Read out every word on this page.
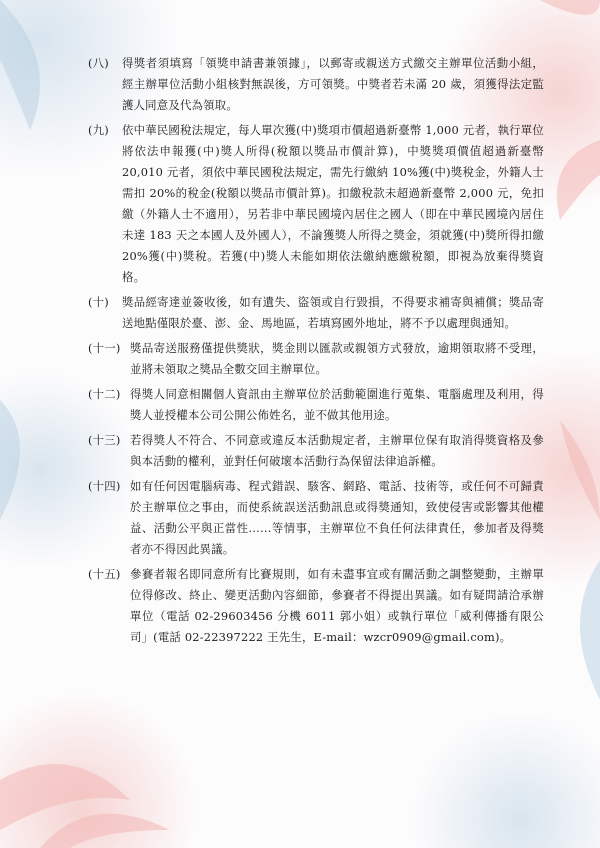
(八) 得獎者須填寫「領獎申請書兼領據」，以郵寄或親送方式繳交主辦單位活動小組，經主辦單位活動小組核對無誤後，方可領獎。中獎者若未滿 20 歲，須獲得法定監護人同意及代為領取。

(九) 依中華民國稅法規定，每人單次獲(中)獎項市價超過新臺幣 1,000 元者，執行單位將依法申報獲(中)獎人所得(稅額以獎品市價計算)，中獎獎項價值超過新臺幣 20,010 元者，須依中華民國稅法規定，需先行繳納 10%獲(中)獎稅金，外籍人士需扣 20%的稅金(稅額以獎品市價計算)。扣繳稅款未超過新臺幣 2,000 元，免扣繳（外籍人士不適用），另若非中華民國境內居住之國人（即在中華民國境內居住未達 183 天之本國人及外國人），不論獲獎人所得之獎金，須就獲(中)獎所得扣繳 20%獲(中)獎稅。若獲(中)獎人未能如期依法繳納應繳稅額，即視為放棄得獎資格。

(十) 獎品經寄達並簽收後，如有遺失、盜領或自行毀損，不得要求補寄與補償；獎品寄送地點僅限於臺、澎、金、馬地區，若填寫國外地址，將不予以處理與通知。

(十一) 獎品寄送服務僅提供獎狀，獎金則以匯款或親領方式發放，逾期領取將不受理，並將未領取之獎品全數交回主辦單位。

(十二) 得獎人同意相關個人資訊由主辦單位於活動範圍進行蒐集、電腦處理及利用，得獎人並授權本公司公開公佈姓名，並不做其他用途。

(十三) 若得獎人不符合、不同意或違反本活動規定者，主辦單位保有取消得獎資格及參與本活動的權利，並對任何破壞本活動行為保留法律追訴權。

(十四) 如有任何因電腦病毒、程式錯誤、駭客、網路、電話、技術等，或任何不可歸責於主辦單位之事由，而使系統誤送活動訊息或得獎通知，致使侵害或影響其他權益、活動公平與正當性……等情事，主辦單位不負任何法律責任，參加者及得獎者亦不得因此異議。

(十五) 參賽者報名即同意所有比賽規則，如有未盡事宜或有關活動之調整變動，主辦單位得修改、終止、變更活動內容細節，參賽者不得提出異議。如有疑問請洽承辦單位（電話 02-29603456 分機 6011 郭小姐）或執行單位「威利傳播有限公司」(電話 02-22397222 王先生，E-mail：wzcr0909@gmail.com)。
